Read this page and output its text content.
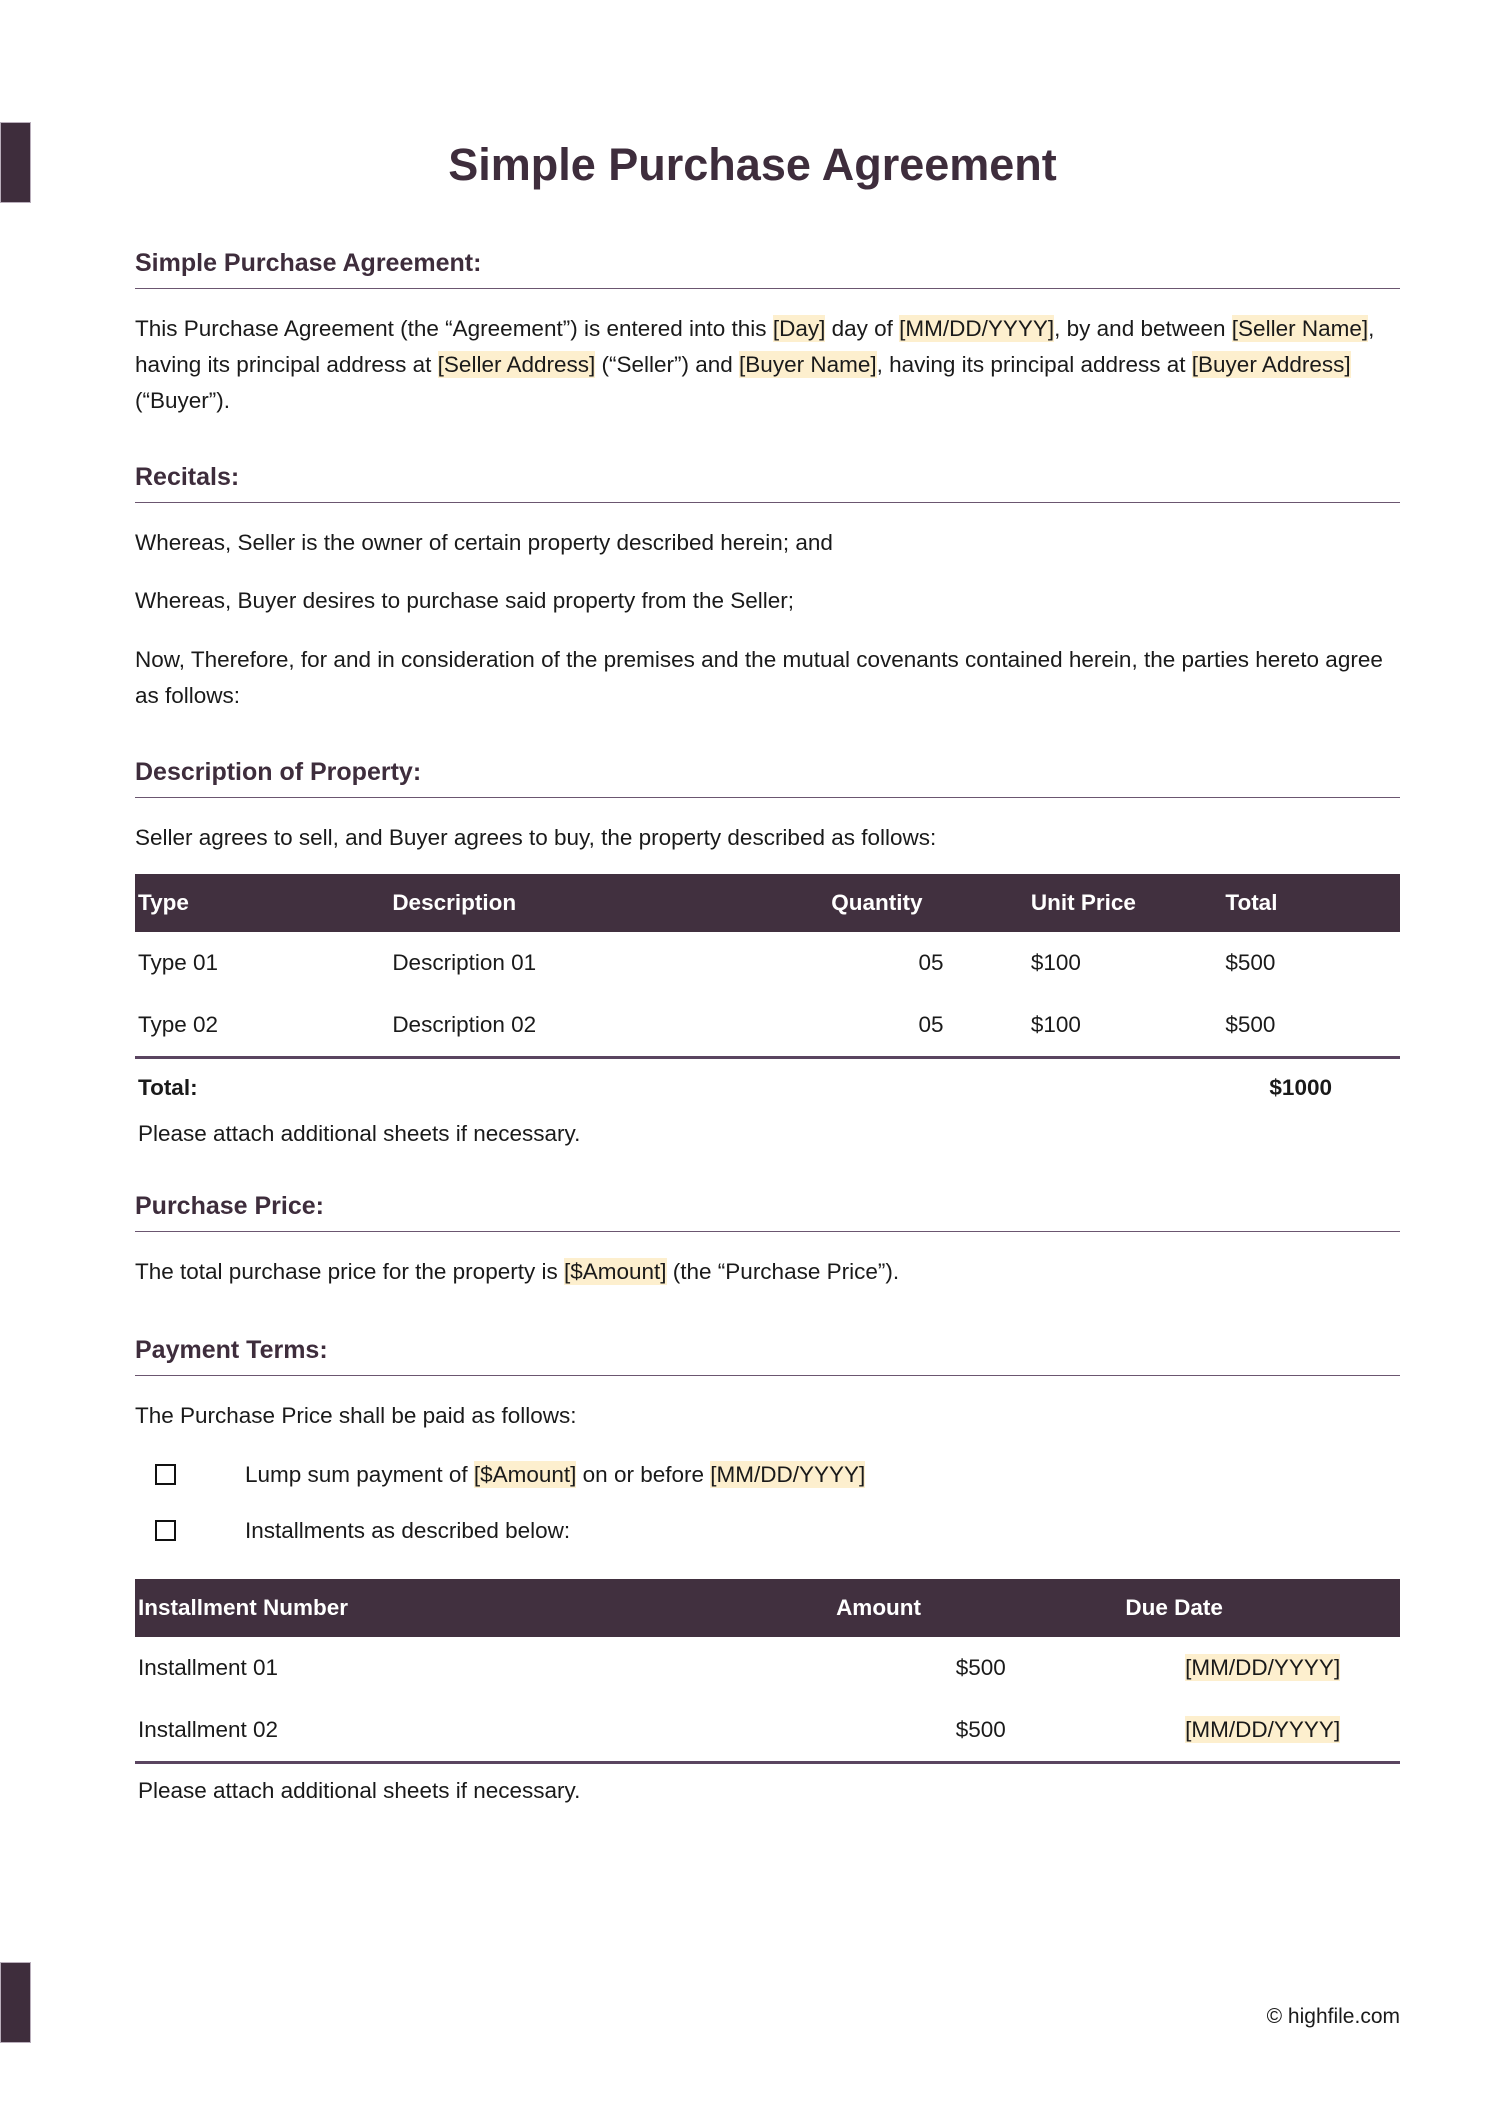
Simple Purchase Agreement
Simple Purchase Agreement:

This Purchase Agreement (the “Agreement”) is entered into this [Day] day of [MM/DD/YYYY], by and between [Seller Name], having its principal address at [Seller Address] (“Seller”) and [Buyer Name], having its principal address at [Buyer Address] (“Buyer”).

Recitals:

Whereas, Seller is the owner of certain property described herein; and

Whereas, Buyer desires to purchase said property from the Seller;

Now, Therefore, for and in consideration of the premises and the mutual covenants contained herein, the parties hereto agree as follows:

Description of Property:

Seller agrees to sell, and Buyer agrees to buy, the property described as follows:

Type	Description	Quantity	Unit Price	Total
Type 01	Description 01	05	$100	$500
Type 02	Description 02	05	$100	$500
Total:	$1000
Please attach additional sheets if necessary.
Purchase Price:

The total purchase price for the property is [$Amount] (the “Purchase Price”).

Payment Terms:

The Purchase Price shall be paid as follows:

Lump sum payment of [$Amount] on or before [MM/DD/YYYY]
Installments as described below:
Installment Number	Amount	Due Date
Installment 01	$500	[MM/DD/YYYY]
Installment 02	$500	[MM/DD/YYYY]
Please attach additional sheets if necessary.
© highfile.com
